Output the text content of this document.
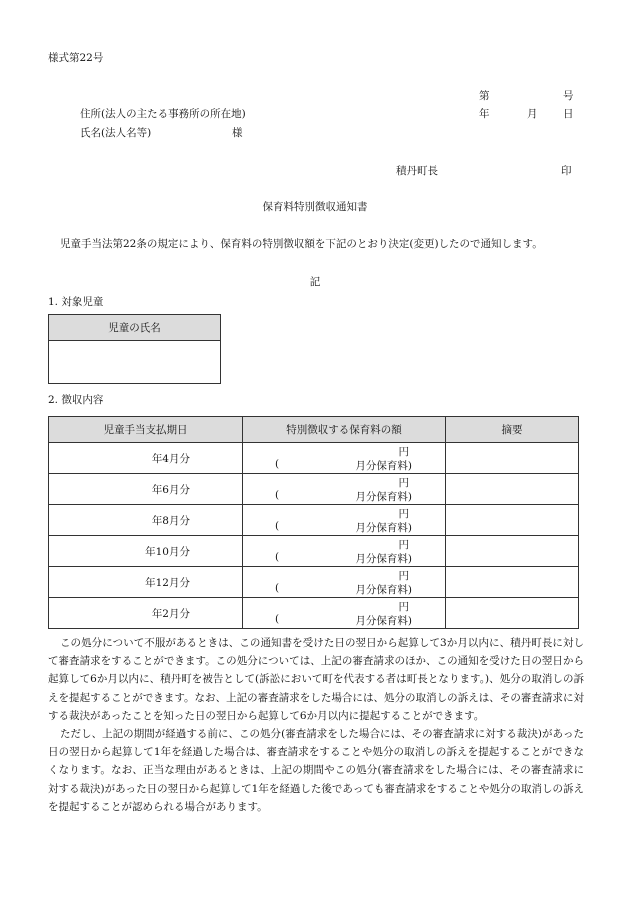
様式第22号
第	号
年	月 日
住所(法人の主たる事務所の所在地)
氏名(法人名等)	様
積丹町長	印
保育料特別徴収通知書
児童手当法第22条の規定により、保育料の特別徴収額を下記のとおり決定(変更)したので通知します。
記
1. 対象児童
児童の氏名

2. 徴収内容
児童手当支払期日	特別徴収する保育料の額	摘要
年4月分	円
( 月分保育料)	

年6月分	円
( 月分保育料)	

年8月分	円
( 月分保育料)	

年10月分	円
( 月分保育料)	

年12月分	円
( 月分保育料)	

年2月分	円
( 月分保育料)	

この処分について不服があるときは、この通知書を受けた日の翌日から起算して3か月以内に、積丹町長に対して審査請求をすることができます。この処分については、上記の審査請求のほか、この通知を受けた日の翌日から起算して6か月以内に、積丹町を被告として(訴訟において町を代表する者は町長となります。)、処分の取消しの訴えを提起することができます。なお、上記の審査請求をした場合には、処分の取消しの訴えは、その審査請求に対する裁決があったことを知った日の翌日から起算して6か月以内に提起することができます。

ただし、上記の期間が経過する前に、この処分(審査請求をした場合には、その審査請求に対する裁決)があった日の翌日から起算して1年を経過した場合は、審査請求をすることや処分の取消しの訴えを提起することができなくなります。なお、正当な理由があるときは、上記の期間やこの処分(審査請求をした場合には、その審査請求に対する裁決)があった日の翌日から起算して1年を経過した後であっても審査請求をすることや処分の取消しの訴えを提起することが認められる場合があります。
